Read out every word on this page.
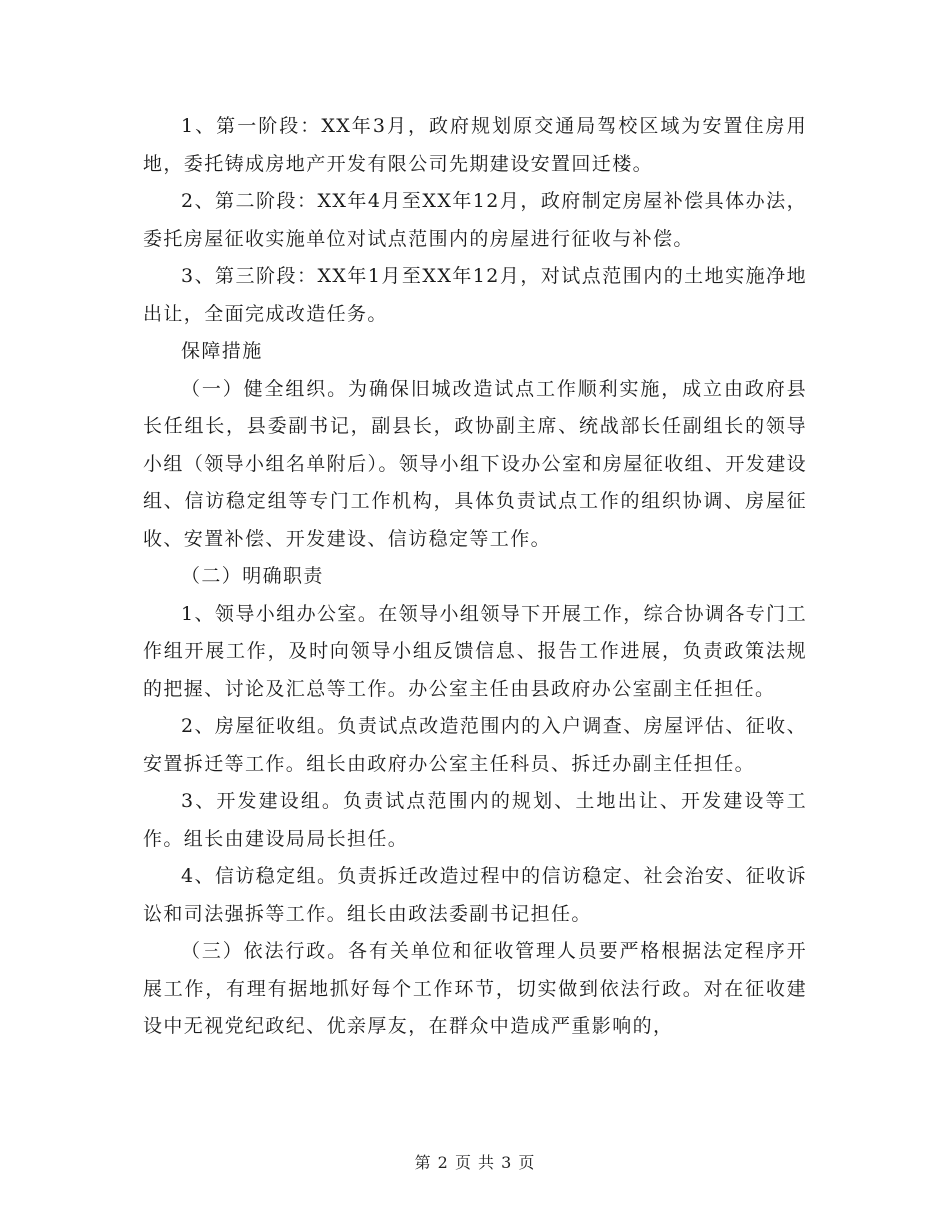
1、第一阶段：XX年3月，政府规划原交通局驾校区域为安置住房用地，委托铸成房地产开发有限公司先期建设安置回迁楼。

2、第二阶段：XX年4月至XX年12月，政府制定房屋补偿具体办法，委托房屋征收实施单位对试点范围内的房屋进行征收与补偿。

3、第三阶段：XX年1月至XX年12月，对试点范围内的土地实施净地出让，全面完成改造任务。

保障措施

（一）健全组织。为确保旧城改造试点工作顺利实施，成立由政府县长任组长，县委副书记，副县长，政协副主席、统战部长任副组长的领导小组（领导小组名单附后）。领导小组下设办公室和房屋征收组、开发建设组、信访稳定组等专门工作机构，具体负责试点工作的组织协调、房屋征收、安置补偿、开发建设、信访稳定等工作。

（二）明确职责

1、领导小组办公室。在领导小组领导下开展工作，综合协调各专门工作组开展工作，及时向领导小组反馈信息、报告工作进展，负责政策法规的把握、讨论及汇总等工作。办公室主任由县政府办公室副主任担任。

2、房屋征收组。负责试点改造范围内的入户调查、房屋评估、征收、安置拆迁等工作。组长由政府办公室主任科员、拆迁办副主任担任。

3、开发建设组。负责试点范围内的规划、土地出让、开发建设等工作。组长由建设局局长担任。

4、信访稳定组。负责拆迁改造过程中的信访稳定、社会治安、征收诉讼和司法强拆等工作。组长由政法委副书记担任。

（三）依法行政。各有关单位和征收管理人员要严格根据法定程序开展工作，有理有据地抓好每个工作环节，切实做到依法行政。对在征收建设中无视党纪政纪、优亲厚友，在群众中造成严重影响的，

第 2 页 共 3 页
